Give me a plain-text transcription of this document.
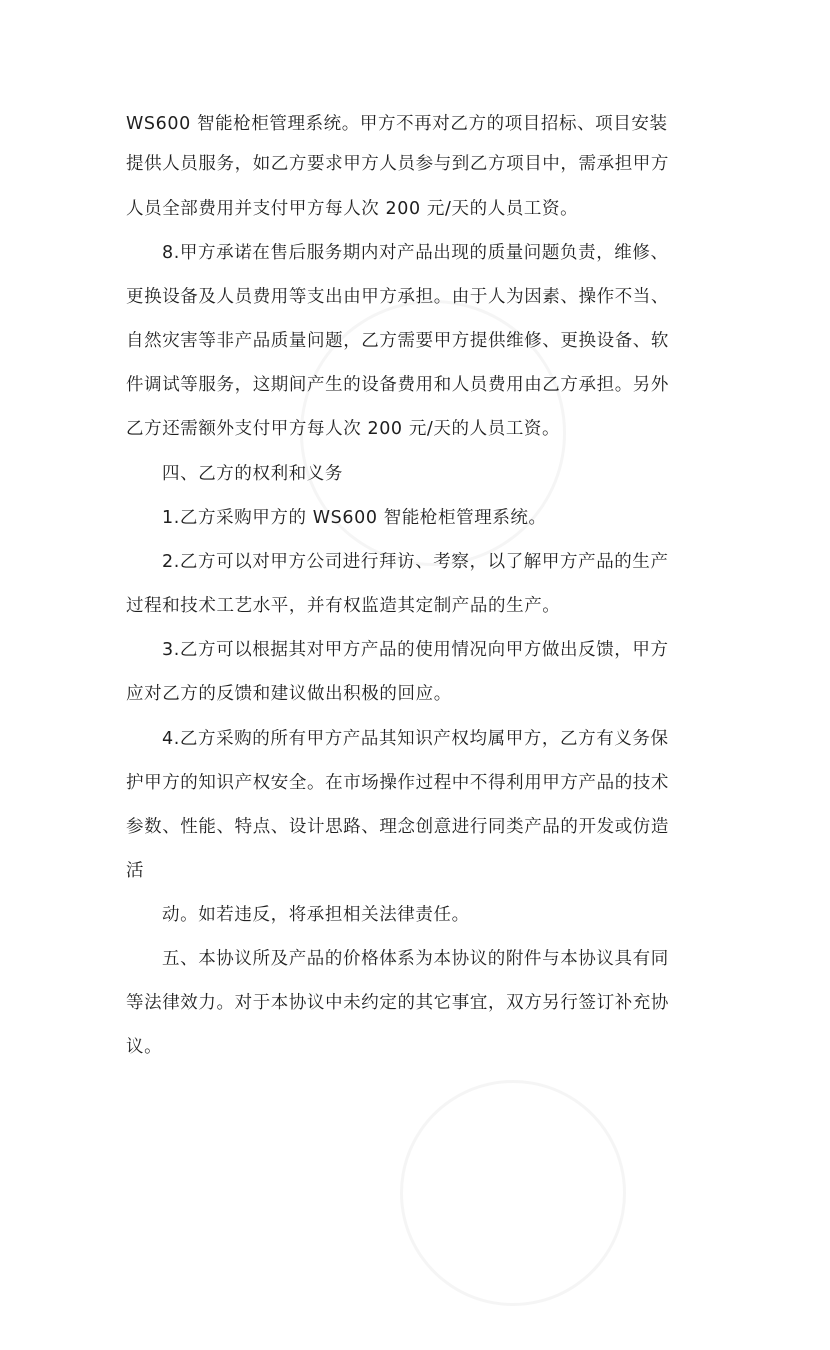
WS600 智能枪柜管理系统。甲方不再对乙方的项目招标、项目安装
提供人员服务，如乙方要求甲方人员参与到乙方项目中，需承担甲方
人员全部费用并支付甲方每人次 200 元/天的人员工资。
8.甲方承诺在售后服务期内对产品出现的质量问题负责，维修、
更换设备及人员费用等支出由甲方承担。由于人为因素、操作不当、
自然灾害等非产品质量问题，乙方需要甲方提供维修、更换设备、软
件调试等服务，这期间产生的设备费用和人员费用由乙方承担。另外
乙方还需额外支付甲方每人次 200 元/天的人员工资。
四、乙方的权利和义务
1.乙方采购甲方的 WS600 智能枪柜管理系统。
2.乙方可以对甲方公司进行拜访、考察，以了解甲方产品的生产
过程和技术工艺水平，并有权监造其定制产品的生产。
3.乙方可以根据其对甲方产品的使用情况向甲方做出反馈，甲方
应对乙方的反馈和建议做出积极的回应。
4.乙方采购的所有甲方产品其知识产权均属甲方，乙方有义务保
护甲方的知识产权安全。在市场操作过程中不得利用甲方产品的技术
参数、性能、特点、设计思路、理念创意进行同类产品的开发或仿造
活
动。如若违反，将承担相关法律责任。
五、本协议所及产品的价格体系为本协议的附件与本协议具有同
等法律效力。对于本协议中未约定的其它事宜，双方另行签订补充协
议。
